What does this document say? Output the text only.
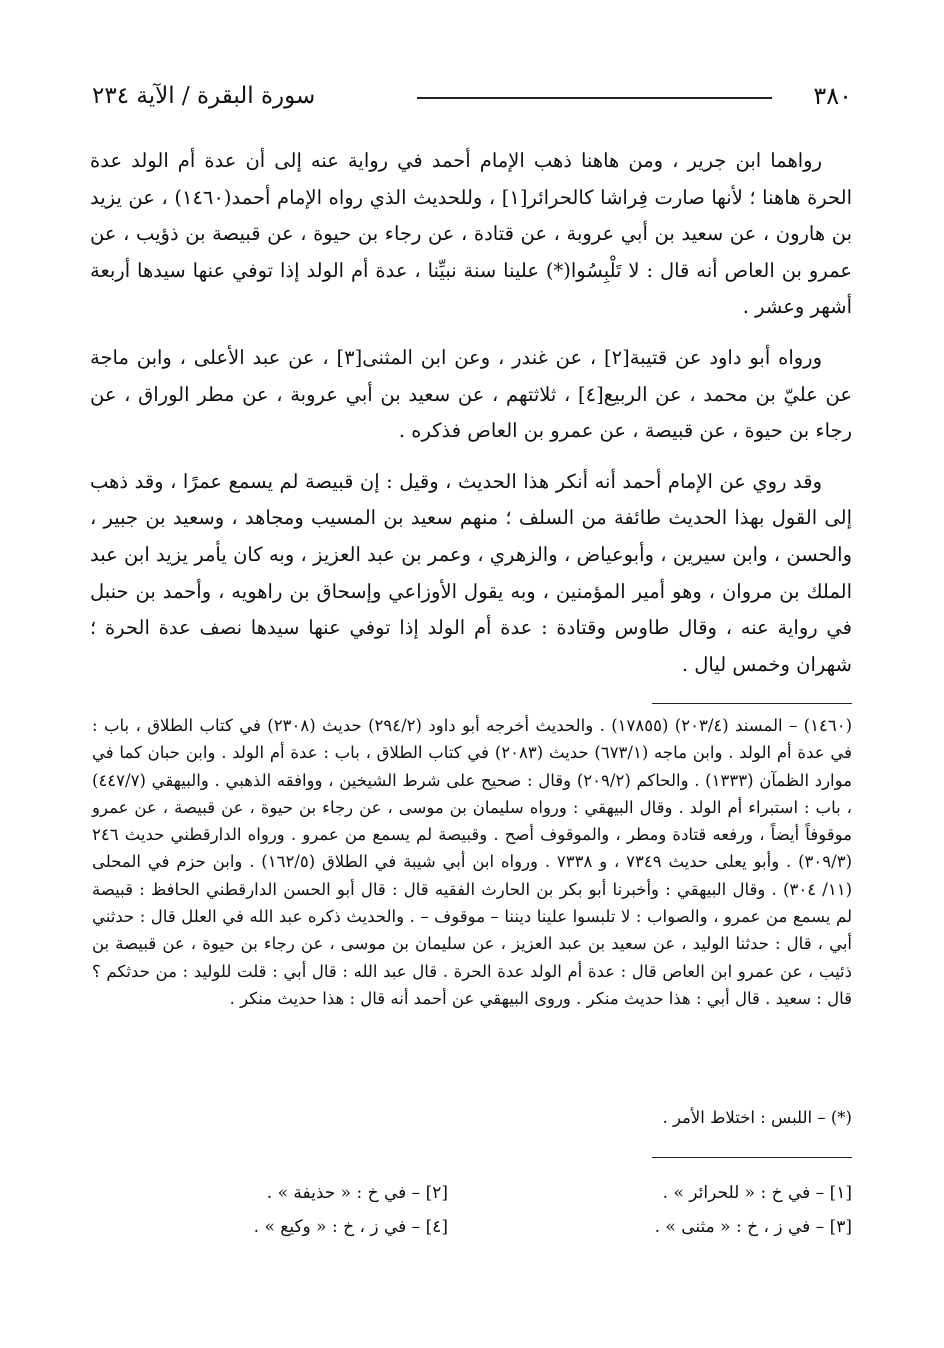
٣٨٠
سورة البقرة / الآية ٢٣٤

رواهما ابن جرير ، ومن هاهنا ذهب الإمام أحمد في رواية عنه إلى أن عدة أم الولد عدة الحرة هاهنا ؛ لأنها صارت فِراشا كالحرائر[١] ، وللحديث الذي رواه الإمام أحمد(١٤٦٠) ، عن يزيد بن هارون ، عن سعيد بن أبي عروبة ، عن قتادة ، عن رجاء بن حيوة ، عن قبيصة بن ذؤيب ، عن عمرو بن العاص أنه قال : لا تَلْبِسُوا(*) علينا سنة نبيِّنا ، عدة أم الولد إذا توفي عنها سيدها أربعة أشهر وعشر .

ورواه أبو داود عن قتيبة[٢] ، عن غندر ، وعن ابن المثنى[٣] ، عن عبد الأعلى ، وابن ماجة عن عليّ بن محمد ، عن الربيع[٤] ، ثلاثتهم ، عن سعيد بن أبي عروبة ، عن مطر الوراق ، عن رجاء بن حيوة ، عن قبيصة ، عن عمرو بن العاص فذكره .

وقد روي عن الإمام أحمد أنه أنكر هذا الحديث ، وقيل : إن قبيصة لم يسمع عمرًا ، وقد ذهب إلى القول بهذا الحديث طائفة من السلف ؛ منهم سعيد بن المسيب ومجاهد ، وسعيد بن جبير ، والحسن ، وابن سيرين ، وأبوعياض ، والزهري ، وعمر بن عبد العزيز ، وبه كان يأمر يزيد ابن عبد الملك بن مروان ، وهو أمير المؤمنين ، وبه يقول الأوزاعي وإسحاق بن راهويه ، وأحمد بن حنبل في رواية عنه ، وقال طاوس وقتادة : عدة أم الولد إذا توفي عنها سيدها نصف عدة الحرة ؛ شهران وخمس ليال .

(١٤٦٠) – المسند (٢٠٣/٤) (١٧٨٥٥) . والحديث أخرجه أبو داود (٢٩٤/٢) حديث (٢٣٠٨) في كتاب الطلاق ، باب : في عدة أم الولد . وابن ماجه (٦٧٣/١) حديث (٢٠٨٣) في كتاب الطلاق ، باب : عدة أم الولد . وابن حبان كما في موارد الظمآن (١٣٣٣) . والحاكم (٢٠٩/٢) وقال : صحيح على شرط الشيخين ، ووافقه الذهبي . والبيهقي (٤٤٧/٧) ، باب : استبراء أم الولد . وقال البيهقي : ورواه سليمان بن موسى ، عن رجاء بن حيوة ، عن قبيصة ، عن عمرو موقوفاً أيضاً ، ورفعه قتادة ومطر ، والموقوف أصح . وقبيصة لم يسمع من عمرو . ورواه الدارقطني حديث ٢٤٦ (٣٠٩/٣) . وأبو يعلى حديث ٧٣٤٩ ، و ٧٣٣٨ . ورواه ابن أبي شيبة في الطلاق (١٦٢/٥) . وابن حزم في المحلى (١١/ ٣٠٤) . وقال البيهقي : وأخبرنا أبو بكر بن الحارث الفقيه قال : قال أبو الحسن الدارقطني الحافظ : قبيصة لم يسمع من عمرو ، والصواب : لا تلبسوا علينا ديننا – موقوف – . والحديث ذكره عبد الله في العلل قال : حدثني أبي ، قال : حدثنا الوليد ، عن سعيد بن عبد العزيز ، عن سليمان بن موسى ، عن رجاء بن حيوة ، عن قبيصة بن ذئيب ، عن عمرو ابن العاص قال : عدة أم الولد عدة الحرة . قال عبد الله : قال أبي : قلت للوليد : من حدثكم ؟ قال : سعيد . قال أبي : هذا حديث منكر . وروى البيهقي عن أحمد أنه قال : هذا حديث منكر .

(*) – اللبس : اختلاط الأمر .
[١] – في خ : « للحرائر » .
[٢] – في خ : « حذيفة » .
[٣] – في ز ، خ : « مثنى » .
[٤] – في ز ، خ : « وكيع » .
